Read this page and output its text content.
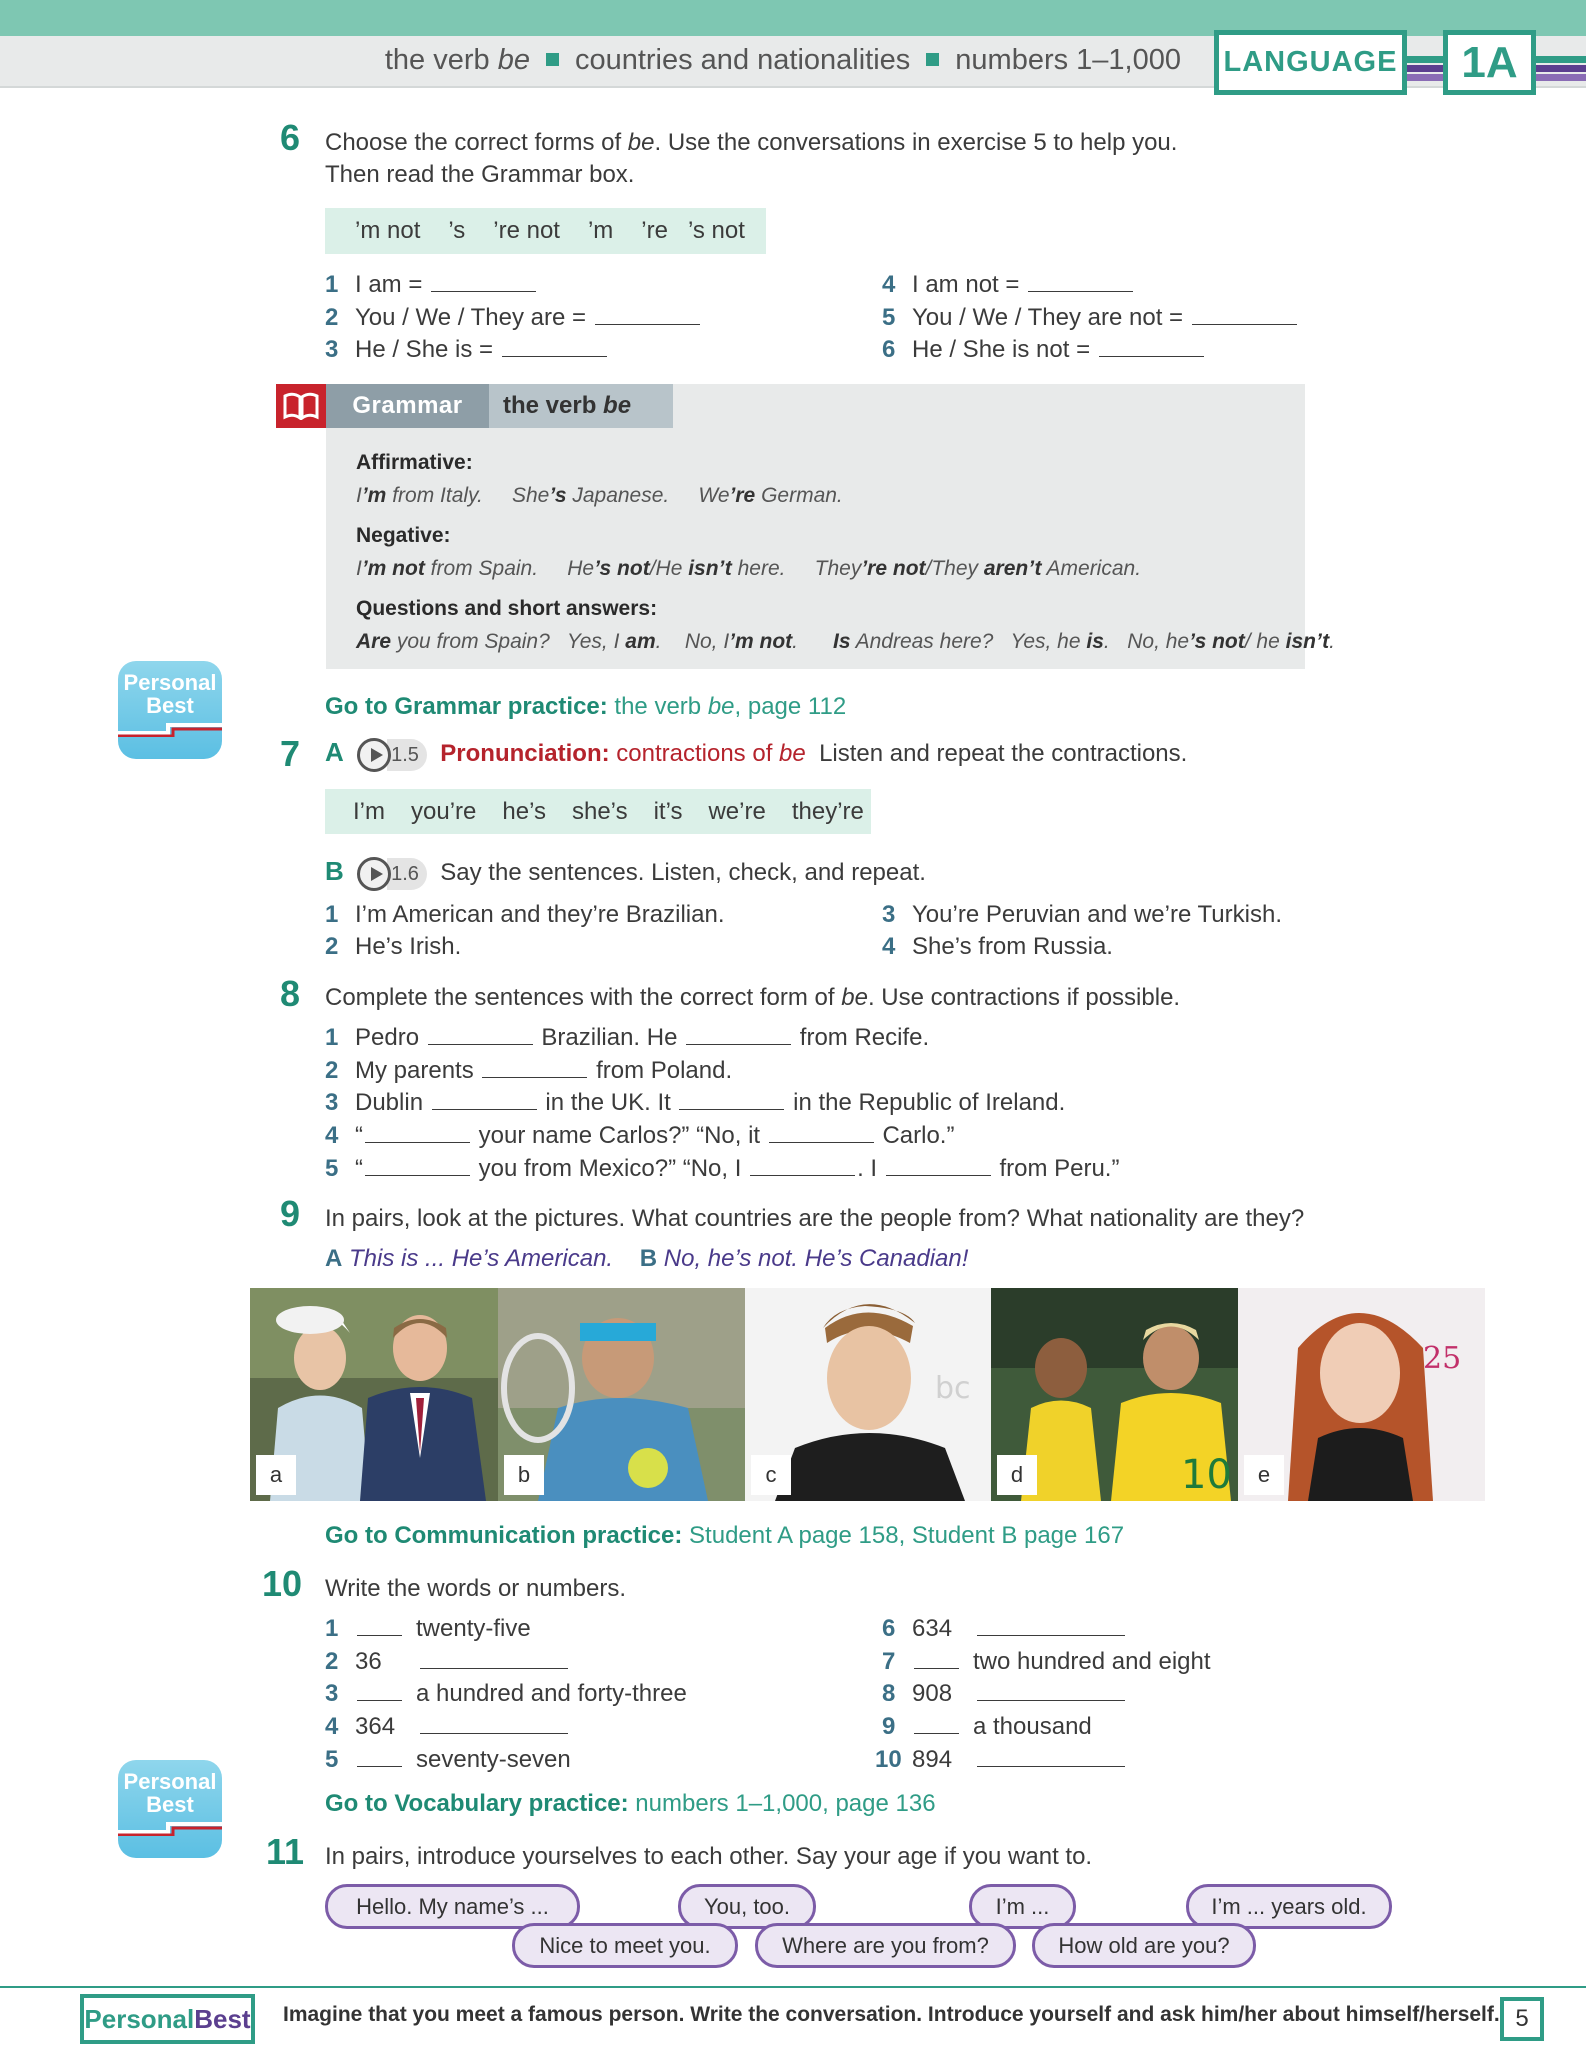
the verb be countries and nationalities numbers 1–1,000	LANGUAGE	1A
6 Choose the correct forms of be. Use the conversations in exercise 5 to help you.
Then read the Grammar box.
’m not ’s ’re not ’m ’re ’s not
1 I am =
2 You / We / They are =
3 He / She is =
4 I am not =
5 You / We / They are not =
6 He / She is not =
Grammar	the verb
be
Affirmative:
I’m from Italy.     She’s Japanese.     We’re German.
Negative:
I’m not from Spain.     He’s not/He isn’t here.     They’re not/They aren’t American.
Questions and short answers:
Are you from Spain?   Yes, I am.    No, I’m not.      Is Andreas here?   Yes, he is.   No, he’s not/ he isn’t.
Personal
Best	Go to Grammar practice: the verb be, page 112
7 A 1.5 Pronunciation: contractions of be Listen and repeat the contractions.
I’m you’re he’s she’s it’s we’re they’re
B 1.6 Say the sentences. Listen, check, and repeat.
1 I’m American and they’re Brazilian.
2 He’s Irish.
3 You’re Peruvian and we’re Turkish.
4 She’s from Russia.
8 Complete the sentences with the correct form of be. Use contractions if possible.
1 Pedro	Brazilian. He	from Recife.
2 My parents	from Poland.
3 Dublin	in the UK. It	in the Republic of Ireland.
4 “	your name Carlos?” “No, it	Carlo.”
5 “	you from Mexico?” “No, I	. I	from Peru.”
9 In pairs, look at the pictures. What countries are the people from? What nationality are they?
A This is ... He’s American. B No, he’s not. He’s Canadian!
a	b
bc
c	10
d
25
e
Go to Communication practice: Student A page 158, Student B page 167
10 Write the words or numbers.
1	twenty-five
2 36
3	a hundred and forty-three
4 364
5	seventy-seven
6 634
7	two hundred and eight
8 908
9	a thousand
10 894
Personal
Best	Go to Vocabulary practice: numbers 1–1,000, page 136
11 In pairs, introduce yourselves to each other. Say your age if you want to.
Hello. My name’s ...	You, too.	I’m ...	I’m ... years old.
Nice to meet you.	Where are you from?	How old are you?
Personal Best Imagine that you meet a famous person. Write the conversation. Introduce yourself and ask him/her about himself/herself. 5
